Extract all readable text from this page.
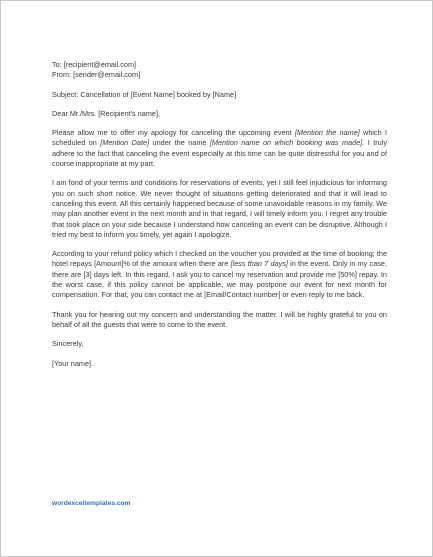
To: [recipient@email.com]

From: [sender@email.com]

Subject: Cancellation of [Event Name] booked by [Name]

Dear Mr./Mrs. [Recipient's name],

Please allow me to offer my apology for canceling the upcoming event [Mention the name] which I scheduled on [Mention Date] under the name [Mention name on which booking was made]. I truly adhere to the fact that canceling the event especially at this time can be quite distressful for you and of course inappropriate at my part.

I am fond of your terms and conditions for reservations of events, yet I still feel injudicious for informing you on such short notice. We never thought of situations getting deteriorated and that it will lead to canceling this event. All this certainly happened because of some unavoidable reasons in my family. We may plan another event in the next month and in that regard, I will timely inform you. I regret any trouble that took place on your side because I understand how canceling an event can be disruptive. Although I tried my best to inform you timely, yet again I apologize.

According to your refund policy which I checked on the voucher you provided at the time of booking; the hotel repays [Amount]% of the amount when there are [less than 7 days] in the event. Only in my case, there are [3] days left. In this regard, I ask you to cancel my reservation and provide me [50%] repay. In the worst case, if this policy cannot be applicable, we may postpone our event for next month for compensation. For that, you can contact me at [Email/Contact number] or even reply to me back.

Thank you for hearing out my concern and understanding the matter. I will be highly grateful to you on behalf of all the guests that were to come to the event.

Sincerely,

[Your name].

wordexceltemplates.com
